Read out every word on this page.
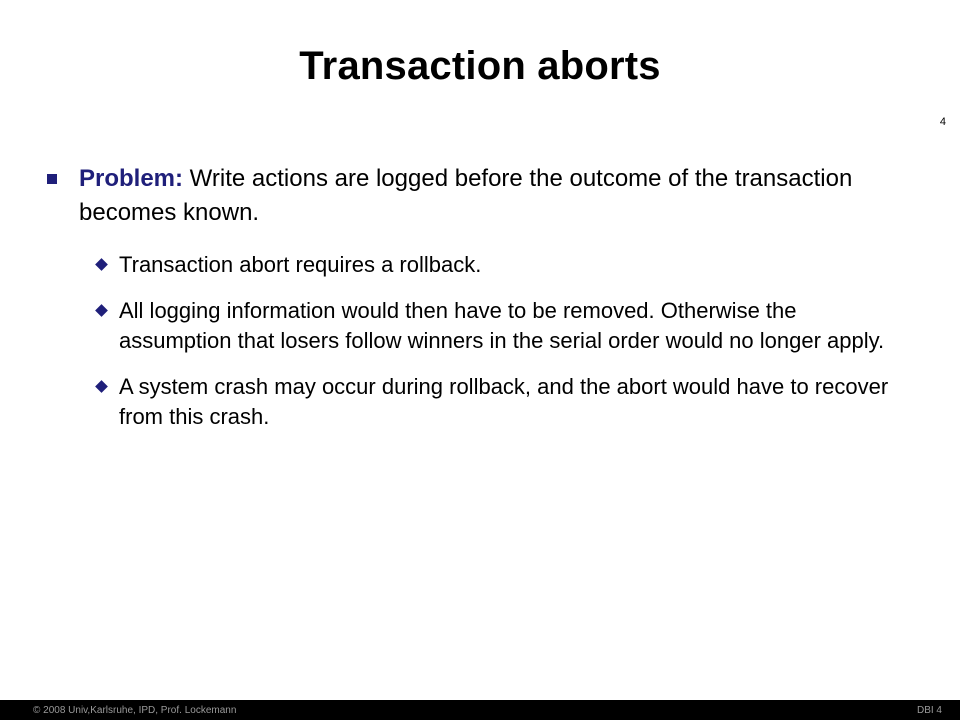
Transaction aborts
4
Problem: Write actions are logged before the outcome of the transaction becomes known.
Transaction abort requires a rollback.
All logging information would then have to be removed. Otherwise the assumption that losers follow winners in the serial order would no longer apply.
A system crash may occur during rollback, and the abort would have to recover from this crash.
© 2008 Univ,Karlsruhe, IPD, Prof. Lockemann	DBI 4
